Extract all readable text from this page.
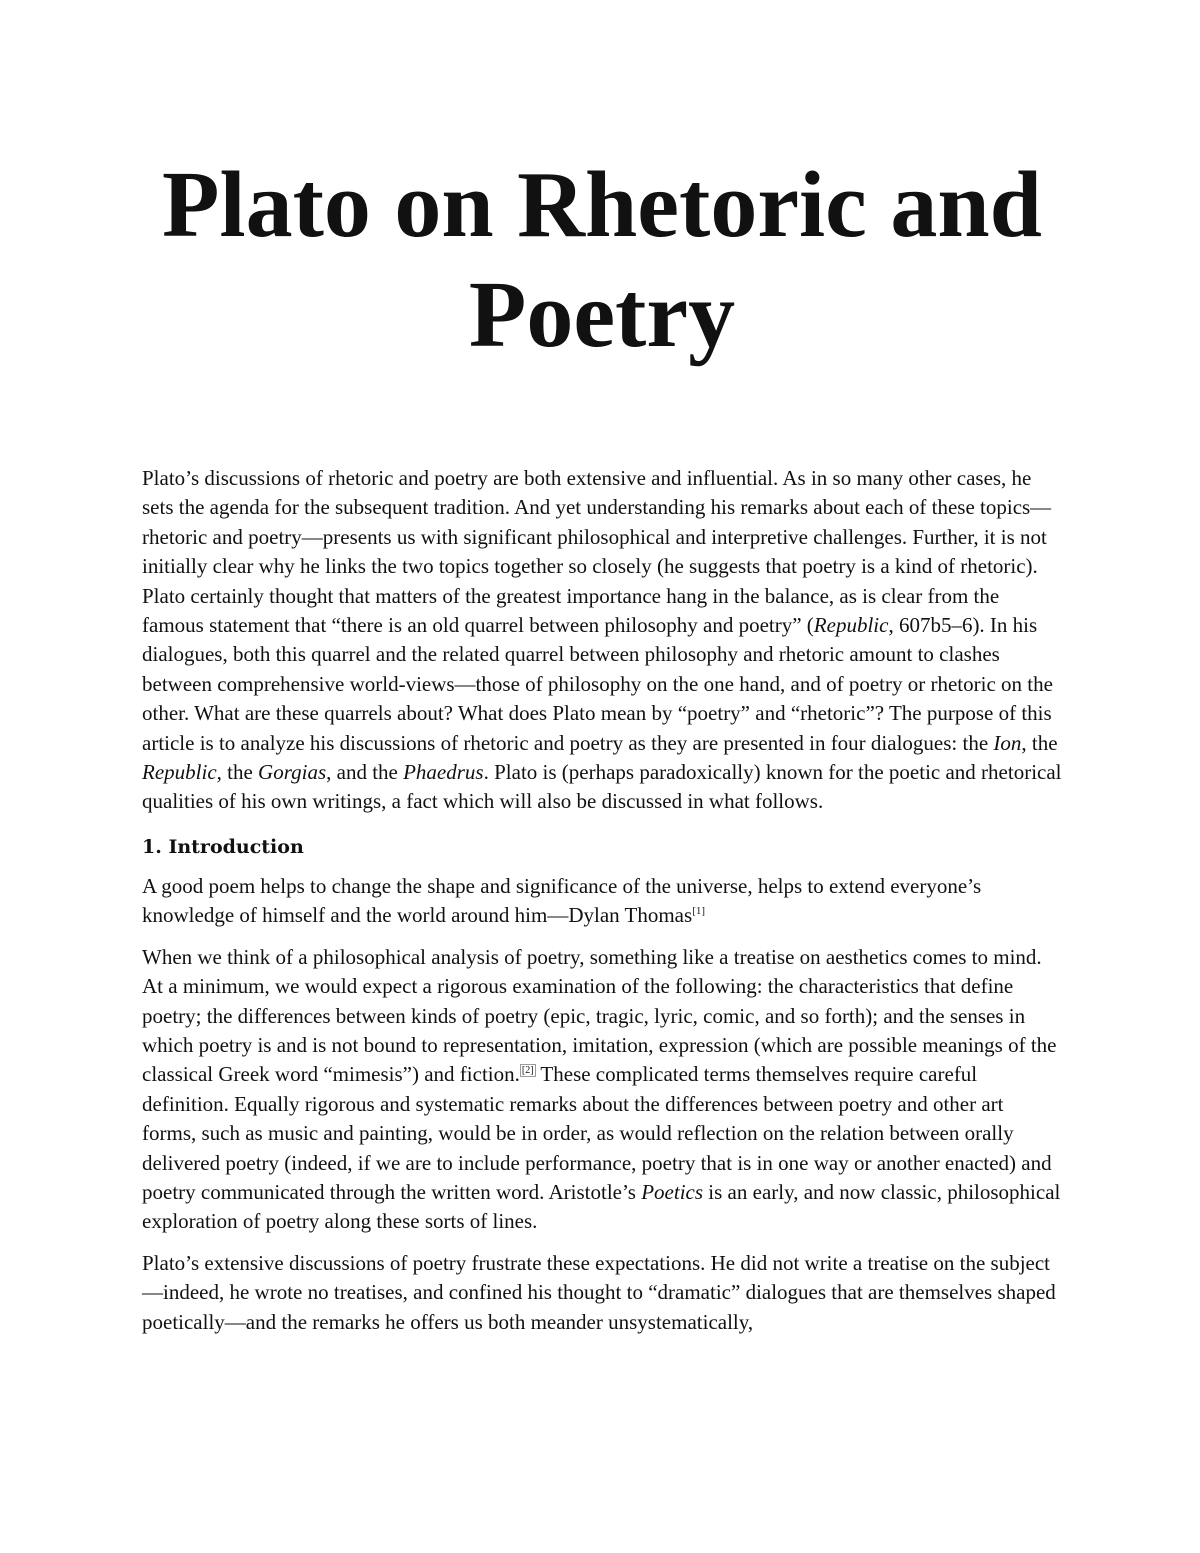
Plato on Rhetoric and
Poetry

Plato’s discussions of rhetoric and poetry are both extensive and influential. As in so many other cases, he sets the agenda for the subsequent tradition. And yet understanding his remarks about each of these topics—rhetoric and poetry—presents us with significant philosophical and interpretive challenges. Further, it is not initially clear why he links the two topics together so closely (he suggests that poetry is a kind of rhetoric). Plato certainly thought that matters of the greatest importance hang in the balance, as is clear from the famous statement that “there is an old quarrel between philosophy and poetry” (Republic, 607b5–6). In his dialogues, both this quarrel and the related quarrel between philosophy and rhetoric amount to clashes between comprehensive world-views—those of philosophy on the one hand, and of poetry or rhetoric on the other. What are these quarrels about? What does Plato mean by “poetry” and “rhetoric”? The purpose of this article is to analyze his discussions of rhetoric and poetry as they are presented in four dialogues: the Ion, the Republic, the Gorgias, and the Phaedrus. Plato is (perhaps paradoxically) known for the poetic and rhetorical qualities of his own writings, a fact which will also be discussed in what follows.

1. Introduction

A good poem helps to change the shape and significance of the universe, helps to extend everyone’s knowledge of himself and the world around him—Dylan Thomas[1]

When we think of a philosophical analysis of poetry, something like a treatise on aesthetics comes to mind. At a minimum, we would expect a rigorous examination of the following: the characteristics that define poetry; the differences between kinds of poetry (epic, tragic, lyric, comic, and so forth); and the senses in which poetry is and is not bound to representation, imitation, expression (which are possible meanings of the classical Greek word “mimesis”) and fiction. [2] These complicated terms themselves require careful definition. Equally rigorous and systematic remarks about the differences between poetry and other art forms, such as music and painting, would be in order, as would reflection on the relation between orally delivered poetry (indeed, if we are to include performance, poetry that is in one way or another enacted) and poetry communicated through the written word. Aristotle’s Poetics is an early, and now classic, philosophical exploration of poetry along these sorts of lines.

Plato’s extensive discussions of poetry frustrate these expectations. He did not write a treatise on the subject—indeed, he wrote no treatises, and confined his thought to “dramatic” dialogues that are themselves shaped poetically—and the remarks he offers us both meander unsystematically,
